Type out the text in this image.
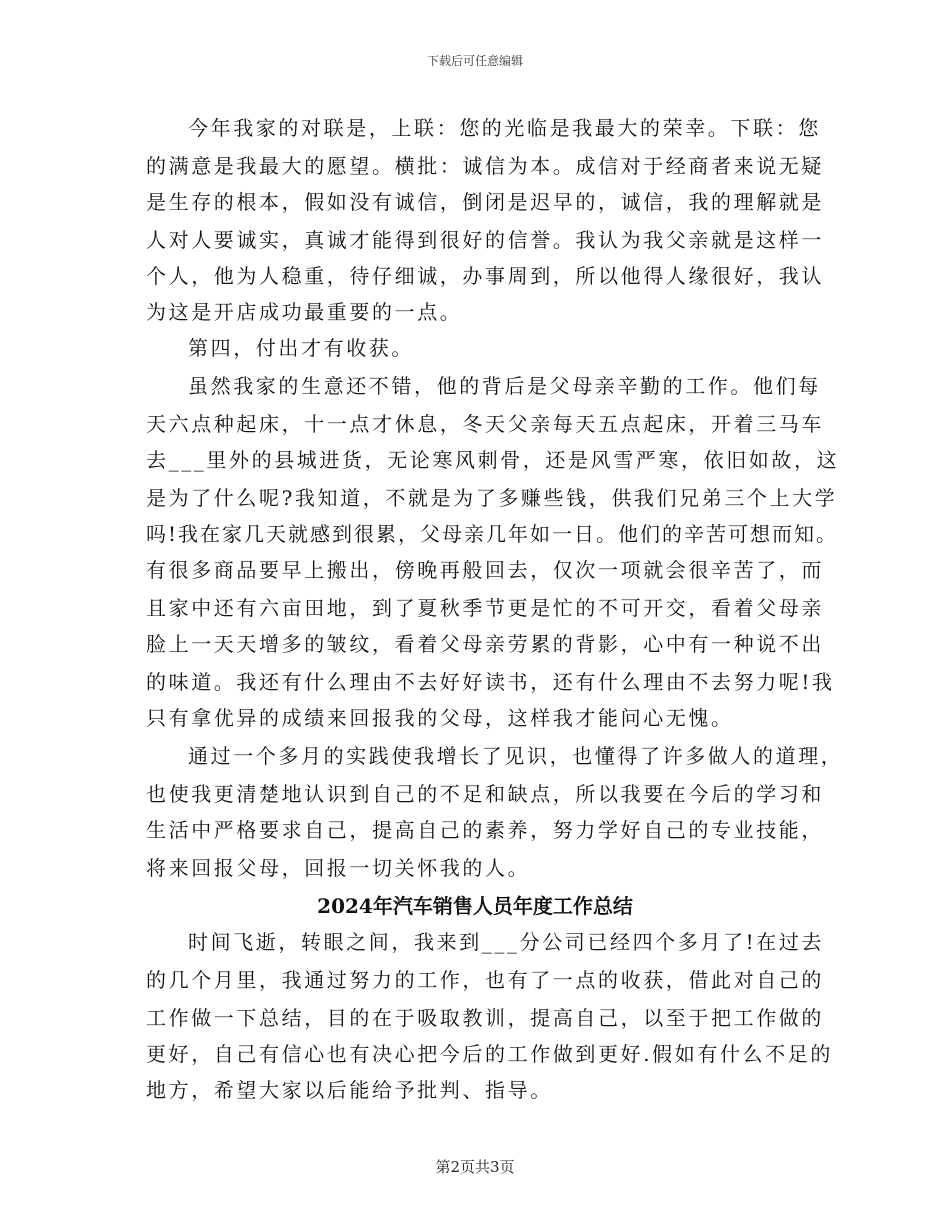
下载后可任意编辑
今年我家的对联是，上联：您的光临是我最大的荣幸。下联：您
的满意是我最大的愿望。横批：诚信为本。成信对于经商者来说无疑
是生存的根本，假如没有诚信，倒闭是迟早的，诚信，我的理解就是
人对人要诚实，真诚才能得到很好的信誉。我认为我父亲就是这样一
个人，他为人稳重，待仔细诚，办事周到，所以他得人缘很好，我认
为这是开店成功最重要的一点。
第四，付出才有收获。
虽然我家的生意还不错，他的背后是父母亲辛勤的工作。他们每
天六点种起床，十一点才休息，冬天父亲每天五点起床，开着三马车
去___里外的县城进货，无论寒风刺骨，还是风雪严寒，依旧如故，这
是为了什么呢?我知道，不就是为了多赚些钱，供我们兄弟三个上大学
吗!我在家几天就感到很累，父母亲几年如一日。他们的辛苦可想而知。
有很多商品要早上搬出，傍晚再般回去，仅次一项就会很辛苦了，而
且家中还有六亩田地，到了夏秋季节更是忙的不可开交，看着父母亲
脸上一天天增多的皱纹，看着父母亲劳累的背影，心中有一种说不出
的味道。我还有什么理由不去好好读书，还有什么理由不去努力呢!我
只有拿优异的成绩来回报我的父母，这样我才能问心无愧。
通过一个多月的实践使我增长了见识，也懂得了许多做人的道理，
也使我更清楚地认识到自己的不足和缺点，所以我要在今后的学习和
生活中严格要求自己，提高自己的素养，努力学好自己的专业技能，
将来回报父母，回报一切关怀我的人。
2024年汽车销售人员年度工作总结
时间飞逝，转眼之间，我来到___分公司已经四个多月了!在过去
的几个月里，我通过努力的工作，也有了一点的收获，借此对自己的
工作做一下总结，目的在于吸取教训，提高自己，以至于把工作做的
更好，自己有信心也有决心把今后的工作做到更好.假如有什么不足的
地方，希望大家以后能给予批判、指导。
第2页共3页
